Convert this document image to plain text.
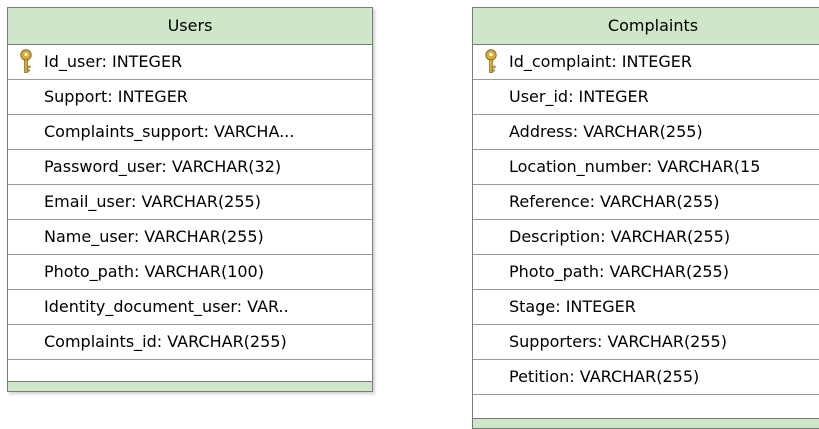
Users
Id_user: INTEGER
Support: INTEGER
Complaints_support: VARCHA...
Password_user: VARCHAR(32)
Email_user: VARCHAR(255)
Name_user: VARCHAR(255)
Photo_path: VARCHAR(100)
Identity_document_user: VAR..
Complaints_id: VARCHAR(255)
Complaints
Id_complaint: INTEGER
User_id: INTEGER
Address: VARCHAR(255)
Location_number: VARCHAR(15
Reference: VARCHAR(255)
Description: VARCHAR(255)
Photo_path: VARCHAR(255)
Stage: INTEGER
Supporters: VARCHAR(255)
Petition: VARCHAR(255)
